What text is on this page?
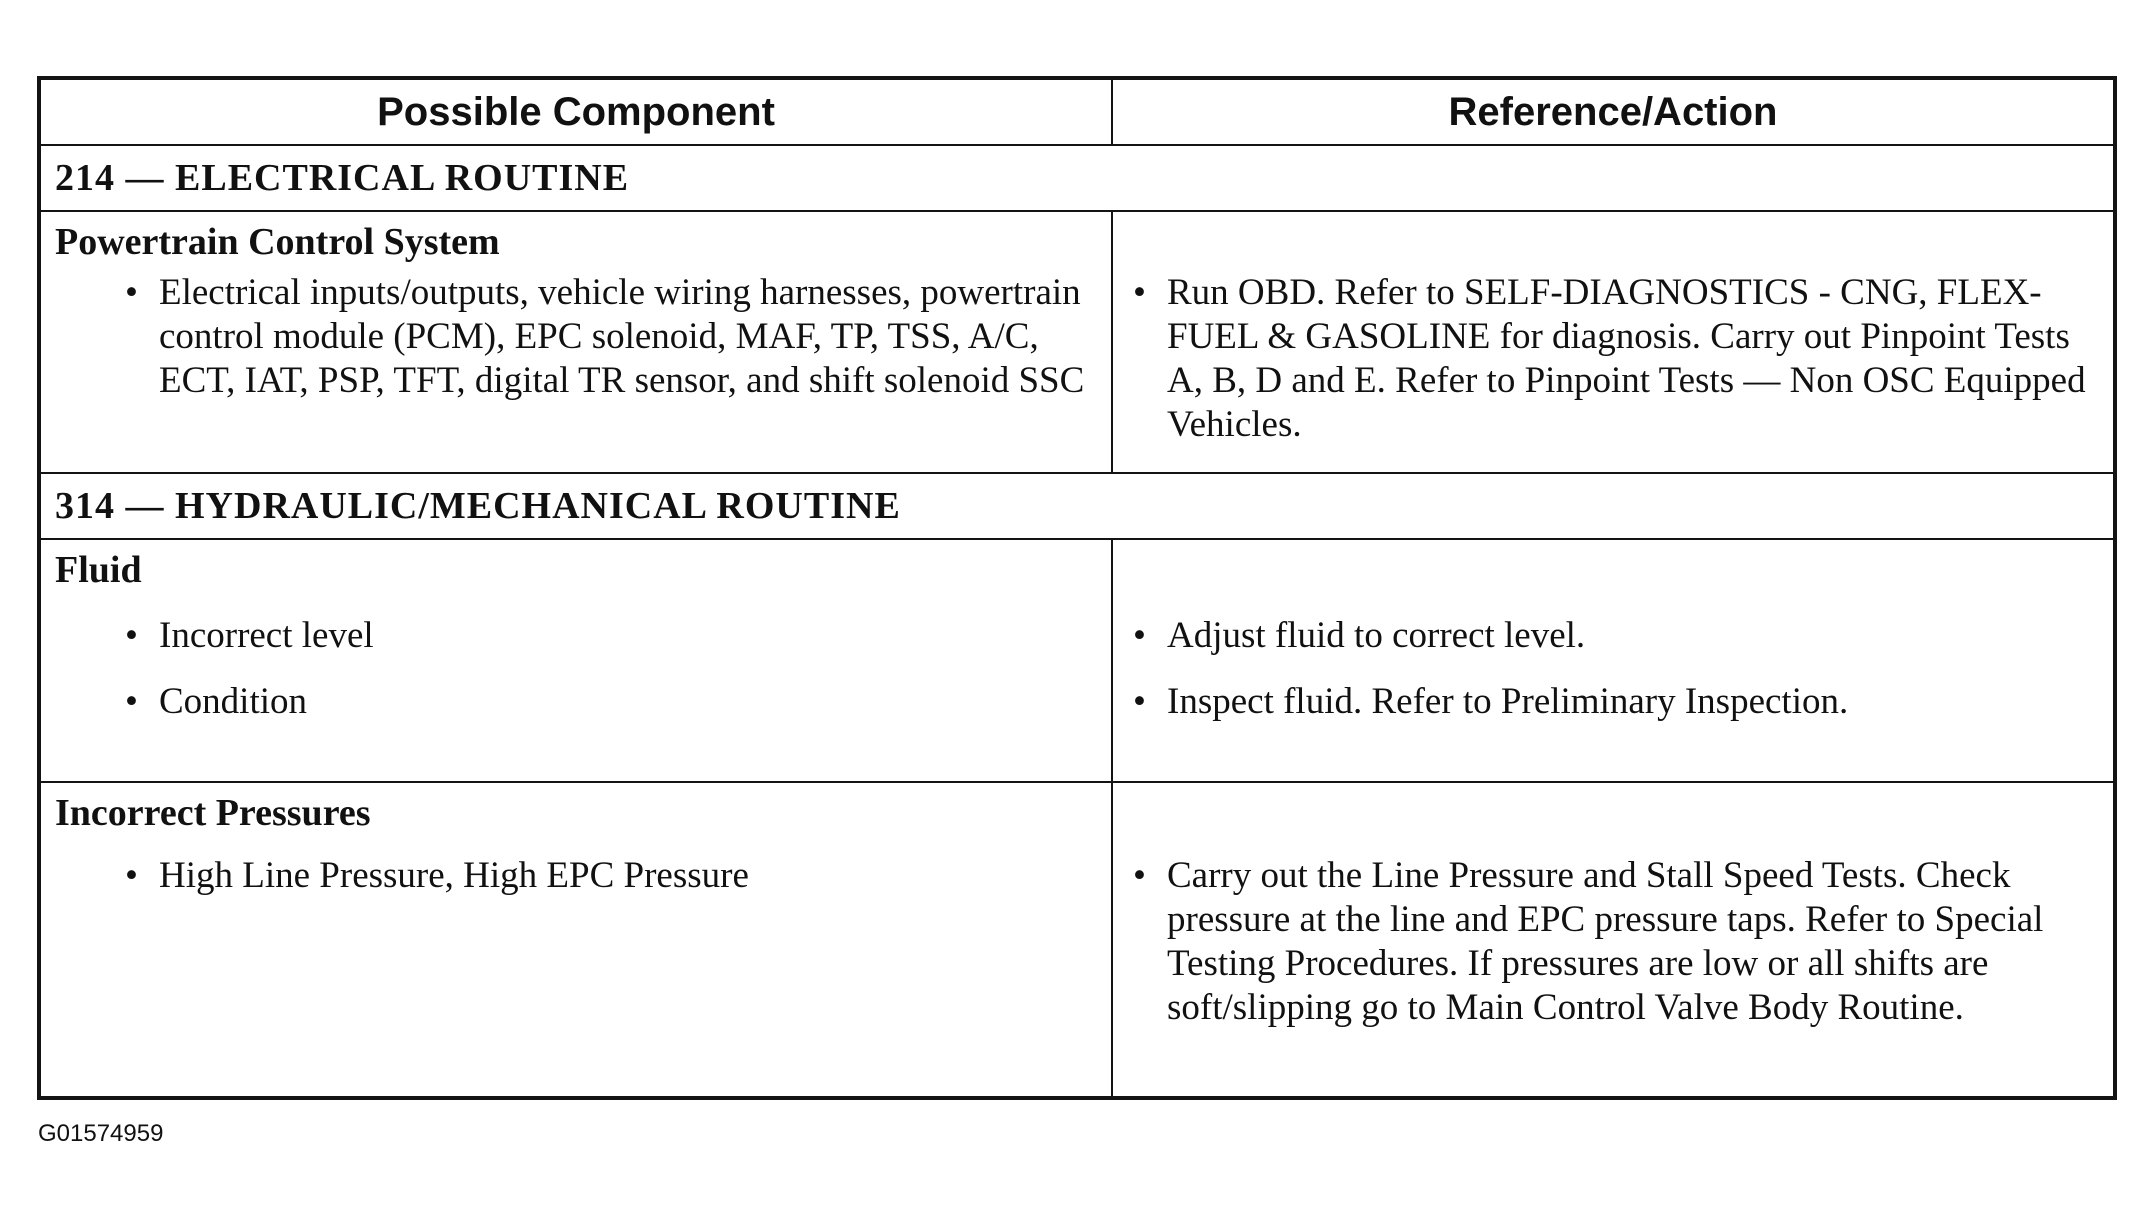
Possible Component	Reference/Action
214 — ELECTRICAL ROUTINE
Powertrain Control System
• Electrical inputs/outputs, vehicle wiring harnesses, powertrain control module (PCM), EPC solenoid, MAF, TP, TSS, A/C, ECT, IAT, PSP, TFT, digital TR sensor, and shift solenoid SSC
• Run OBD. Refer to SELF-DIAGNOSTICS - CNG, FLEX-FUEL & GASOLINE for diagnosis. Carry out Pinpoint Tests A, B, D and E. Refer to Pinpoint Tests — Non OSC Equipped Vehicles.
314 — HYDRAULIC/MECHANICAL ROUTINE
Fluid
• Incorrect level
• Condition
• Adjust fluid to correct level.
• Inspect fluid. Refer to Preliminary Inspection.
Incorrect Pressures
• High Line Pressure, High EPC Pressure
•	Carry out the Line Pressure and Stall Speed Tests. Check pressure at the line and EPC pressure taps. Refer to Special Testing Procedures. If pressures are low or all shifts are soft/slipping go to Main Control Valve Body Routine.
G01574959
